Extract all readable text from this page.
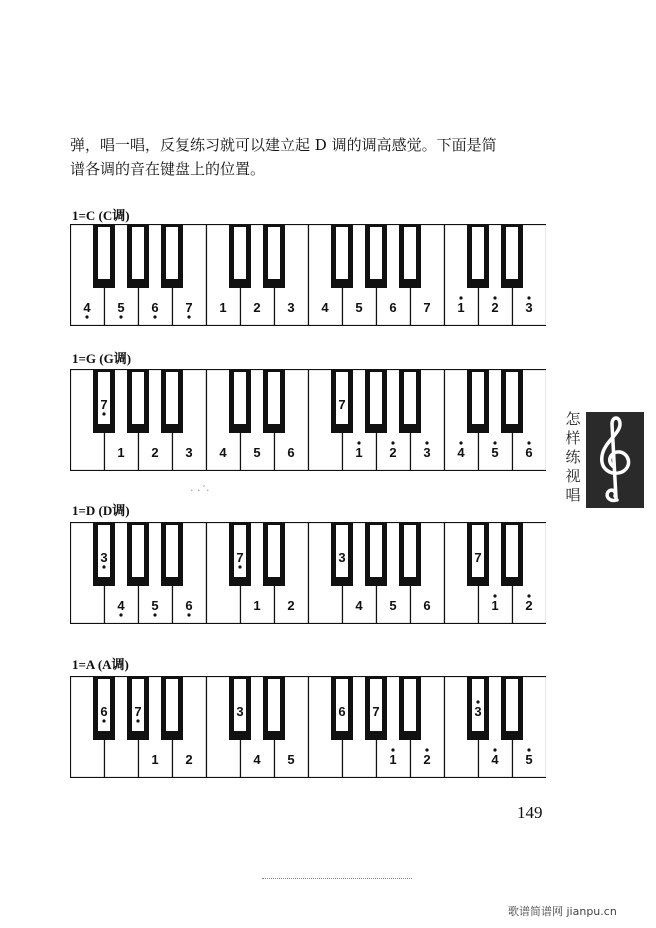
弹，唱一唱，反复练习就可以建立起 D 调的调高感觉。下面是简
谱各调的音在键盘上的位置。
1=C (C调)
4 5 6 7 1 2 3 4 5 6 7 1 2 3
1=G (G调)
7
1 2 3 4 5 6
7
1 2 3 4 5 6
1=D (D调)
3
4 5 6
7
1 2
3
4 5 6
7
1 2
1=A (A调)
6 7
1 2
3
4 5
6 7
1 2
3
4 5
· ·ˊ·
149
怎
样
练
视
唱
歌谱简谱网 jianpu.cn
